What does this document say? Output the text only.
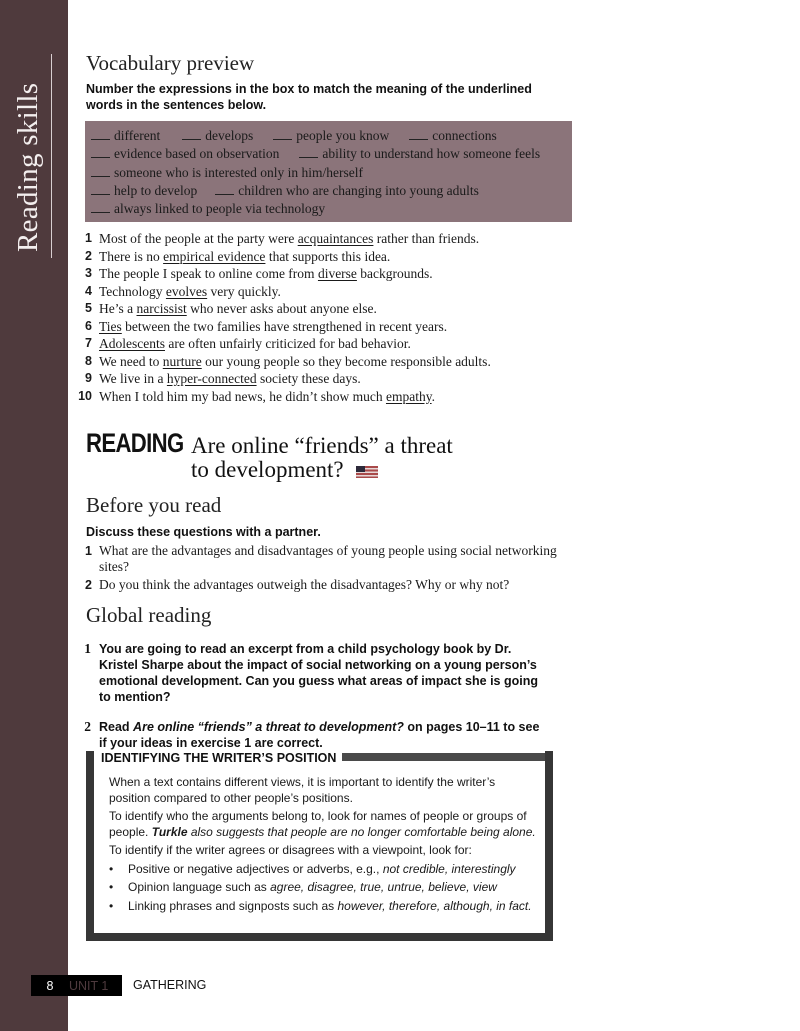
Reading skills
Vocabulary preview
Number the expressions in the box to match the meaning of the underlined
words in the sentences below.
different	develops	people you know	connections
evidence based on observation	ability to understand how someone feels
someone who is interested only in him/herself
help to develop	children who are changing into young adults
always linked to people via technology
1 Most of the people at the party were acquaintances rather than friends.
2 There is no empirical evidence that supports this idea.
3 The people I speak to online come from diverse backgrounds.
4 Technology evolves very quickly.
5 He’s a narcissist who never asks about anyone else.
6 Ties between the two families have strengthened in recent years.
7 Adolescents are often unfairly criticized for bad behavior.
8 We need to nurture our young people so they become responsible adults.
9 We live in a hyper-connected society these days.
10 When I told him my bad news, he didn’t show much empathy.
READING Are online “friends” a threat
to development?
Before you read
Discuss these questions with a partner.
1 What are the advantages and disadvantages of young people using social networking sites?
2 Do you think the advantages outweigh the disadvantages? Why or why not?
Global reading
1 You are going to read an excerpt from a child psychology book by Dr. Kristel Sharpe about the impact of social networking on a young person’s emotional development. Can you guess what areas of impact she is going to mention?
2 Read Are online “friends” a threat to development? on pages 10–11 to see if your ideas in exercise 1 are correct.
IDENTIFYING THE WRITER’S POSITION

When a text contains different views, it is important to identify the writer’s position compared to other people’s positions.

To identify who the arguments belong to, look for names of people or groups of people. Turkle also suggests that people are no longer comfortable being alone.

To identify if the writer agrees or disagrees with a viewpoint, look for:

•	Positive or negative adjectives or adverbs, e.g., not credible, interestingly
•	Opinion language such as agree, disagree, true, untrue, believe, view
•	Linking phrases and signposts such as however, therefore, although, in fact.
8	UNIT 1 GATHERING
